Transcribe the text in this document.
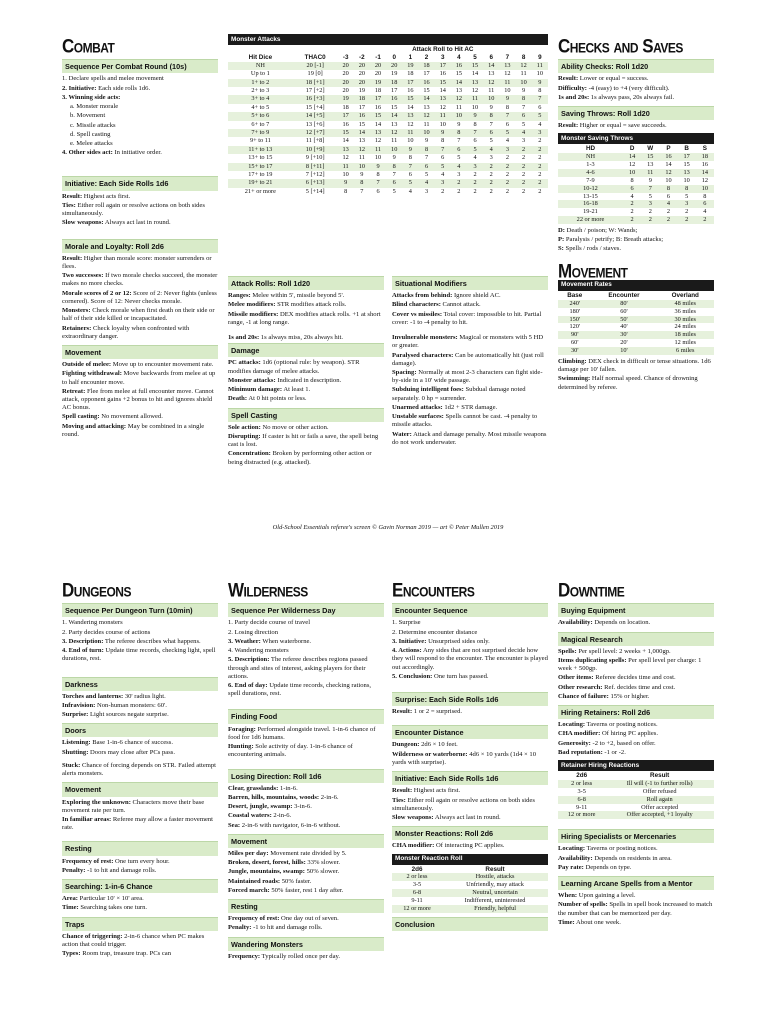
Combat
Sequence Per Combat Round (10s)
1. Declare spells and melee movement
2. Initiative: Each side rolls 1d6.
3. Winning side acts:
a. Monster morale
b. Movement
c. Missile attacks
d. Spell casting
e. Melee attacks
4. Other sides act: In initiative order.
Initiative: Each Side Rolls 1d6
Result: Highest acts first.
Ties: Either roll again or resolve actions on both sides simultaneously.
Slow weapons: Always act last in round.
Morale and Loyalty: Roll 2d6
Result: Higher than morale score: monster surrenders or flees.
Two successes: If two morale checks succeed, the monster makes no more checks.
Morale scores of 2 or 12: Score of 2: Never fights (unless cornered). Score of 12: Never checks morale.
Monsters: Check morale when first death on their side or half of their side killed or incapacitated.
Retainers: Check loyalty when confronted with extraordinary danger.
Movement
Outside of melee: Move up to encounter movement rate.
Fighting withdrawal: Move backwards from melee at up to half encounter move.
Retreat: Flee from melee at full encounter move. Cannot attack, opponent gains +2 bonus to hit and ignores shield AC bonus.
Spell casting: No movement allowed.
Moving and attacking: May be combined in a single round.
Monster Attacks
		Attack Roll to Hit AC												
Hit Dice	THAC0	-3	-2	-1	0	1	2	3	4	5	6	7	8	9
NH	20 [-1]	20	20	20	20	19	18	17	16	15	14	13	12	11
Up to 1	19 [0]	20	20	20	19	18	17	16	15	14	13	12	11	10
1+ to 2	18 [+1]	20	20	19	18	17	16	15	14	13	12	11	10	9
2+ to 3	17 [+2]	20	19	18	17	16	15	14	13	12	11	10	9	8
3+ to 4	16 [+3]	19	18	17	16	15	14	13	12	11	10	9	8	7
4+ to 5	15 [+4]	18	17	16	15	14	13	12	11	10	9	8	7	6
5+ to 6	14 [+5]	17	16	15	14	13	12	11	10	9	8	7	6	5
6+ to 7	13 [+6]	16	15	14	13	12	11	10	9	8	7	6	5	4
7+ to 9	12 [+7]	15	14	13	12	11	10	9	8	7	6	5	4	3
9+ to 11	11 [+8]	14	13	12	11	10	9	8	7	6	5	4	3	2
11+ to 13	10 [+9]	13	12	11	10	9	8	7	6	5	4	3	2	2
13+ to 15	9 [+10]	12	11	10	9	8	7	6	5	4	3	2	2	2
15+ to 17	8 [+11]	11	10	9	8	7	6	5	4	3	2	2	2	2
17+ to 19	7 [+12]	10	9	8	7	6	5	4	3	2	2	2	2	2
19+ to 21	6 [+13]	9	8	7	6	5	4	3	2	2	2	2	2	2
21+ or more	5 [+14]	8	7	6	5	4	3	2	2	2	2	2	2	2
Attack Rolls: Roll 1d20
Ranges: Melee within 5', missile beyond 5'.
Melee modifiers: STR modifies attack rolls.
Missile modifiers: DEX modifies attack rolls. +1 at short range, -1 at long range.
1s and 20s: 1s always miss, 20s always hit.
Damage
PC attacks: 1d6 (optional rule: by weapon). STR modifies damage of melee attacks.
Monster attacks: Indicated in description.
Minimum damage: At least 1.
Death: At 0 hit points or less.
Spell Casting
Sole action: No move or other action.
Disrupting: If caster is hit or fails a save, the spell being cast is lost.
Concentration: Broken by performing other action or being distracted (e.g. attacked).
Situational Modifiers
Attacks from behind: Ignore shield AC.
Blind characters: Cannot attack.
Cover vs missiles: Total cover: impossible to hit. Partial cover: -1 to -4 penalty to hit.
Invulnerable monsters: Magical or monsters with 5 HD or greater.
Paralysed characters: Can be automatically hit (just roll damage).
Spacing: Normally at most 2-3 characters can fight side-by-side in a 10' wide passage.
Subduing intelligent foes: Subdual damage noted separately. 0 hp = surrender.
Unarmed attacks: 1d2 + STR damage.
Unstable surfaces: Spells cannot be cast. -4 penalty to missile attacks.
Water: Attack and damage penalty. Most missile weapons do not work underwater.
Checks and Saves
Ability Checks: Roll 1d20
Result: Lower or equal = success.
Difficulty: -4 (easy) to +4 (very difficult).
1s and 20s: 1s always pass, 20s always fail.
Saving Throws: Roll 1d20
Result: Higher or equal = save succeeds.
Monster Saving Throws
HD	D	W	P	B	S
NH	14	15	16	17	18
1-3	12	13	14	15	16
4-6	10	11	12	13	14
7-9	8	9	10	10	12
10-12	6	7	8	8	10
13-15	4	5	6	5	8
16-18	2	3	4	3	6
19-21	2	2	2	2	4
22 or more	2	2	2	2	2
D: Death / poison; W: Wands;
P: Paralysis / petrify; B: Breath attacks;
S: Spells / rods / staves.
Movement
Movement Rates
Base	Encounter	Overland
240'	80'	48 miles
180'	60'	36 miles
150'	50'	30 miles
120'	40'	24 miles
90'	30'	18 miles
60'	20'	12 miles
30'	10'	6 miles
Climbing: DEX check in difficult or tense situations. 1d6 damage per 10' fallen.
Swimming: Half normal speed. Chance of drowning determined by referee.
Old-School Essentials referee's screen © Gavin Norman 2019 — art © Peter Mullen 2019
Dungeons
Sequence Per Dungeon Turn (10min)
1. Wandering monsters
2. Party decides course of actions
3. Description: The referee describes what happens.
4. End of turn: Update time records, checking light, spell durations, rest.
Darkness
Torches and lanterns: 30' radius light.
Infravision: Non-human monsters: 60'.
Surprise: Light sources negate surprise.
Doors
Listening: Base 1-in-6 chance of success.
Shutting: Doors may close after PCs pass.
Stuck: Chance of forcing depends on STR. Failed attempt alerts monsters.
Movement
Exploring the unknown: Characters move their base movement rate per turn.
In familiar areas: Referee may allow a faster movement rate.
Resting
Frequency of rest: One turn every hour.
Penalty: -1 to hit and damage rolls.
Searching: 1-in-6 Chance
Area: Particular 10' × 10' area.
Time: Searching takes one turn.
Traps
Chance of triggering: 2-in-6 chance when PC makes action that could trigger.
Types: Room trap, treasure trap. PCs can
Wilderness
Sequence Per Wilderness Day
1. Party decide course of travel
2. Losing direction
3. Weather: When waterborne.
4. Wandering monsters
5. Description: The referee describes regions passed through and sites of interest, asking players for their actions.
6. End of day: Update time records, checking rations, spell durations, rest.
Finding Food
Foraging: Performed alongside travel. 1-in-6 chance of food for 1d6 humans.
Hunting: Sole activity of day. 1-in-6 chance of encountering animals.
Losing Direction: Roll 1d6
Clear, grasslands: 1-in-6.
Barren, hills, mountains, woods: 2-in-6.
Desert, jungle, swamp: 3-in-6.
Coastal waters: 2-in-6.
Sea: 2-in-6 with navigator, 6-in-6 without.
Movement
Miles per day: Movement rate divided by 5.
Broken, desert, forest, hills: 33% slower.
Jungle, mountains, swamp: 50% slower.
Maintained roads: 50% faster.
Forced march: 50% faster, rest 1 day after.
Resting
Frequency of rest: One day out of seven.
Penalty: -1 to hit and damage rolls.
Wandering Monsters
Frequency: Typically rolled once per day.
Encounters
Encounter Sequence
1. Surprise
2. Determine encounter distance
3. Initiative: Unsurprised sides only.
4. Actions: Any sides that are not surprised decide how they will respond to the encounter. The encounter is played out accordingly.
5. Conclusion: One turn has passed.
Surprise: Each Side Rolls 1d6
Result: 1 or 2 = surprised.
Encounter Distance
Dungeon: 2d6 × 10 feet.
Wilderness or waterborne: 4d6 × 10 yards (1d4 × 10 yards with surprise).
Initiative: Each Side Rolls 1d6
Result: Highest acts first.
Ties: Either roll again or resolve actions on both sides simultaneously.
Slow weapons: Always act last in round.
Monster Reactions: Roll 2d6
CHA modifier: Of interacting PC applies.
Monster Reaction Roll
2d6	Result
2 or less	Hostile, attacks
3-5	Unfriendly, may attack
6-8	Neutral, uncertain
9-11	Indifferent, uninterested
12 or more	Friendly, helpful
Conclusion
Downtime
Buying Equipment
Availability: Depends on location.
Magical Research
Spells: Per spell level: 2 weeks + 1,000gp.
Items duplicating spells: Per spell level per charge: 1 week + 500gp.
Other items: Referee decides time and cost.
Other research: Ref. decides time and cost.
Chance of failure: 15% or higher.
Hiring Retainers: Roll 2d6
Locating: Taverns or posting notices.
CHA modifier: Of hiring PC applies.
Generosity: -2 to +2, based on offer.
Bad reputation: -1 or -2.
Retainer Hiring Reactions
2d6	Result
2 or less	Ill will (-1 to further rolls)
3-5	Offer refused
6-8	Roll again
9-11	Offer accepted
12 or more	Offer accepted, +1 loyalty
Hiring Specialists or Mercenaries
Locating: Taverns or posting notices.
Availability: Depends on residents in area.
Pay rate: Depends on type.
Learning Arcane Spells from a Mentor
When: Upon gaining a level.
Number of spells: Spells in spell book increased to match the number that can be memorized per day.
Time: About one week.
